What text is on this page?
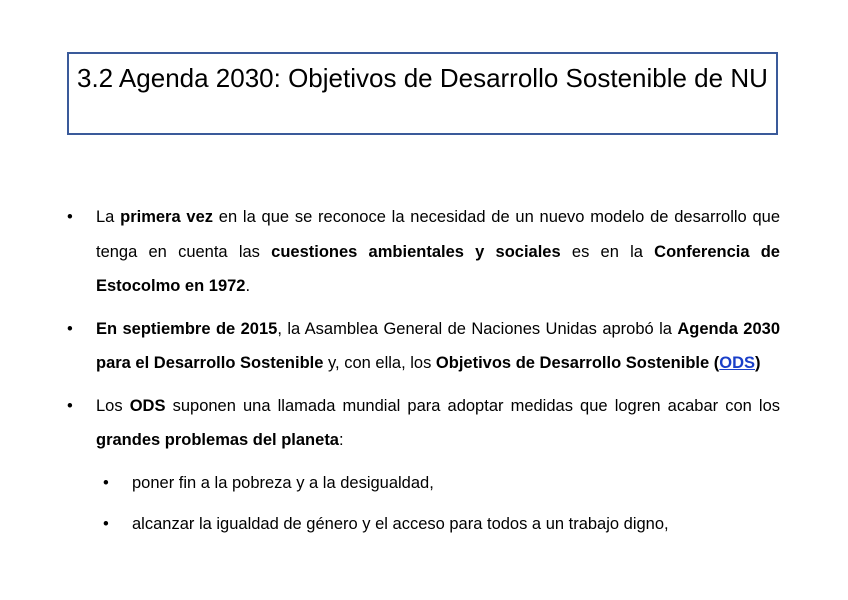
3.2 Agenda 2030: Objetivos de Desarrollo Sostenible de NU

•	La primera vez en la que se reconoce la necesidad de un nuevo modelo de desarrollo que tenga en cuenta las cuestiones ambientales y sociales es en la Conferencia de Estocolmo en 1972.
•	En septiembre de 2015, la Asamblea General de Naciones Unidas aprobó la Agenda 2030 para el Desarrollo Sostenible y, con ella, los Objetivos de Desarrollo Sostenible (ODS)
•	Los ODS suponen una llamada mundial para adoptar medidas que logren acabar con los grandes problemas del planeta:
• poner fin a la pobreza y a la desigualdad,
• alcanzar la igualdad de género y el acceso para todos a un trabajo digno,
